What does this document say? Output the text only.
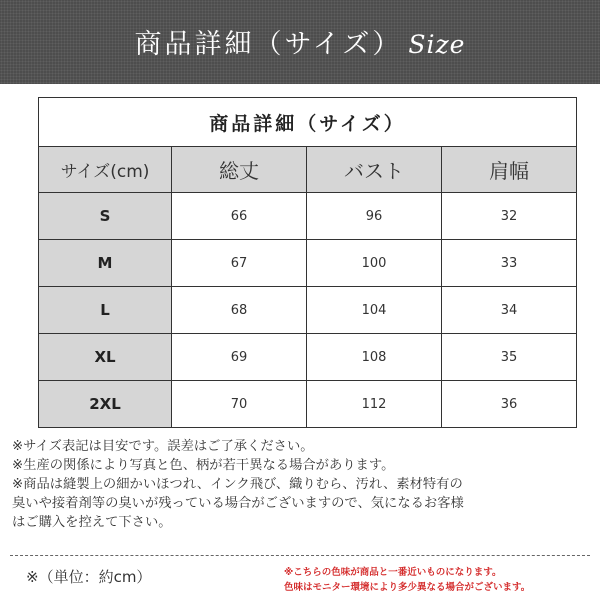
商品詳細（サイズ） Size
商品詳細（サイズ）			
サイズ(cm)	総丈	バスト	肩幅
S	66	96	32
M	67	100	33
L	68	104	34
XL	69	108	35
2XL	70	112	36

※サイズ表記は目安です。誤差はご了承ください。

※生産の関係により写真と色、柄が若干異なる場合があります。

※商品は縫製上の細かいほつれ、インク飛び、織りむら、汚れ、素材特有の

臭いや接着剤等の臭いが残っている場合がございますので、気になるお客様

はご購入を控えて下さい。

※（単位：約cm）	※こちらの色味が商品と一番近いものになります。

色味はモニター環境により多少異なる場合がございます。
